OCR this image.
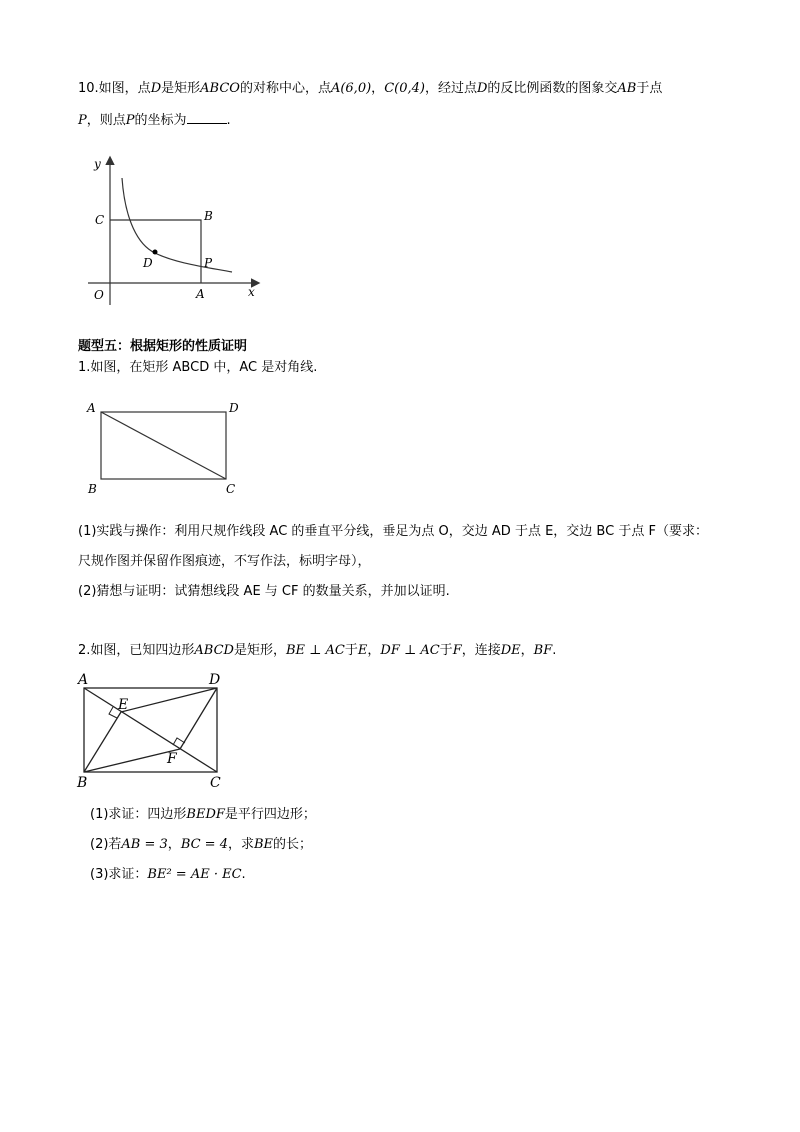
10.如图，点D是矩形ABCO的对称中心，点A(6,0)，C(0,4)，经过点D的反比例函数的图象交AB于点
P，则点P的坐标为	.
y
x
O
C	B
D	P
A
题型五：根据矩形的性质证明
1.如图，在矩形 ABCD 中，AC 是对角线.
A	D
B	C
(1)实践与操作：利用尺规作线段 AC 的垂直平分线，垂足为点 O，交边 AD 于点 E，交边 BC 于点 F（要求：
尺规作图并保留作图痕迹，不写作法，标明字母），
(2)猜想与证明：试猜想线段 AE 与 CF 的数量关系，并加以证明.
2.如图，已知四边形ABCD是矩形，BE ⊥ AC于E，DF ⊥ AC于F，连接DE，BF.
A	D
E
F
B	C
(1)求证：四边形BEDF是平行四边形；
(2)若AB = 3，BC = 4，求BE的长；
(3)求证：BE² = AE · EC.
